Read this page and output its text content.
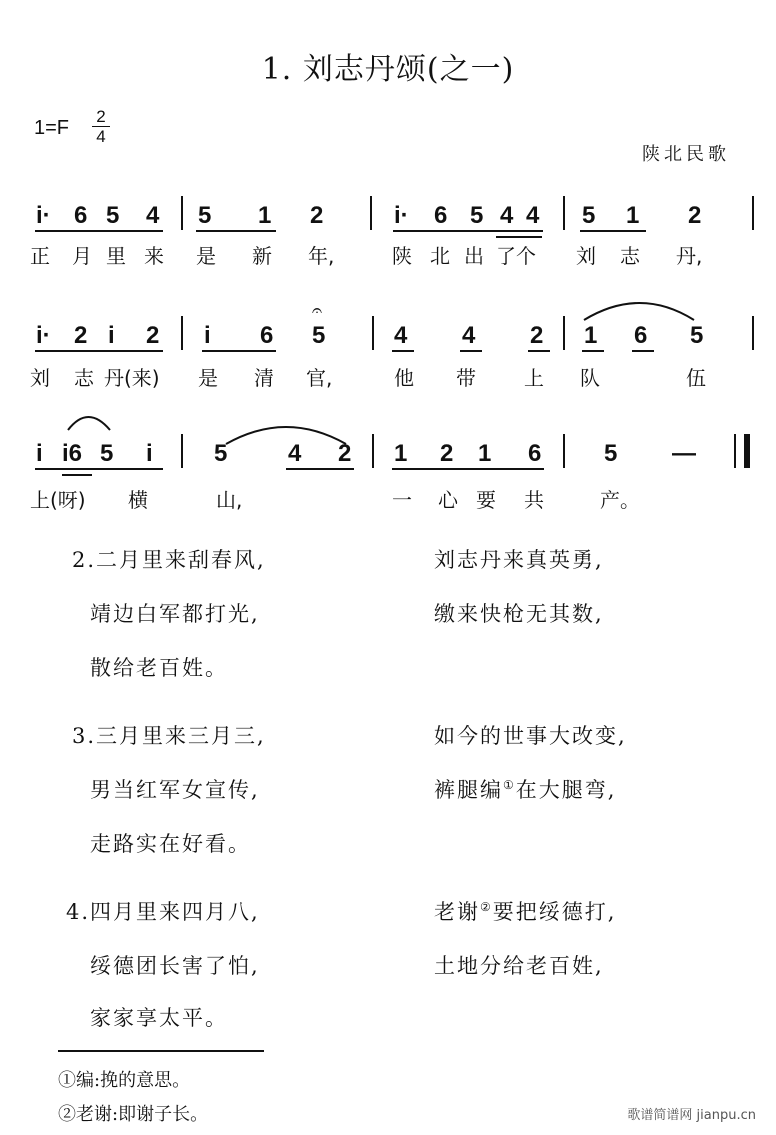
1. 刘志丹颂(之一)
1=F
2
4
陕北民歌
i· 6 5 4 5 1 2	i· 6 5 4 4 5 1 2
正 月 里 来 是 新 年,	陕 北 出 了个 刘 志 丹,
i· 2 i 2 i 6 5
𝄐
4 4 2 1 6 5
刘 志 丹(来) 是 清 官,	他 带 上 队	伍
i i6 5 i	5	4 2 1 2 1 6	5 —
上(呀) 横	山,	一 心 要 共	产。
2.二月里来刮春风,
靖边白军都打光,
散给老百姓。
刘志丹来真英勇,
缴来快枪无其数,
3.三月里来三月三,
男当红军女宣传,
走路实在好看。
如今的世事大改变,
裤腿编①在大腿弯,
4.四月里来四月八,
绥德团长害了怕,
家家享太平。
老谢②要把绥德打,
土地分给老百姓,
①编:挽的意思。
②老谢:即谢子长。	歌谱简谱网 jianpu.cn
